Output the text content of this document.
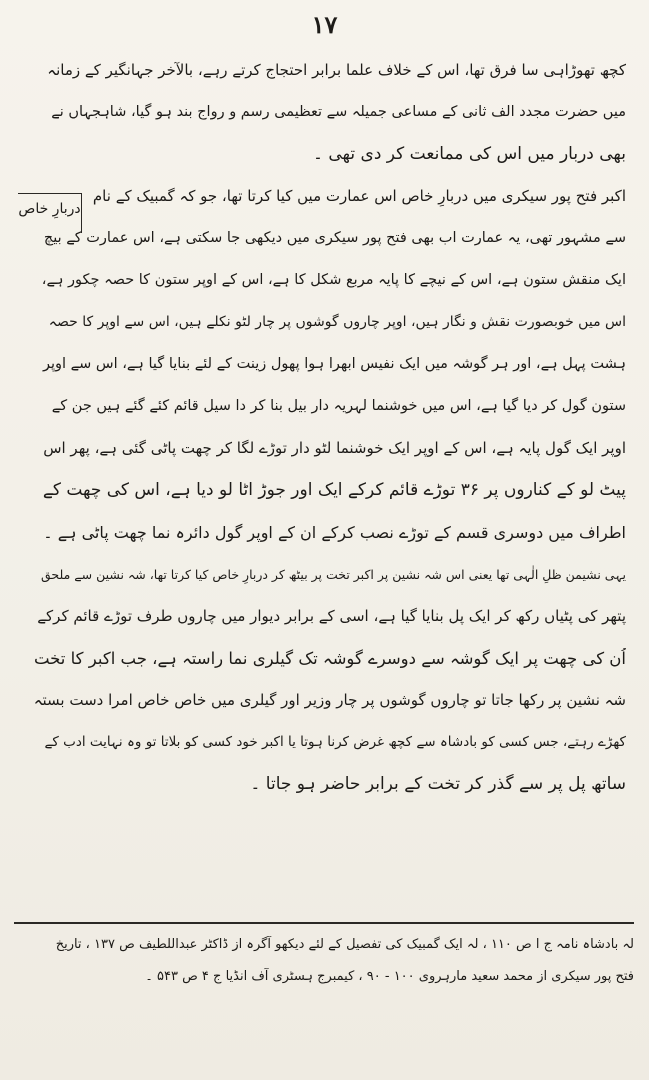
۱۷
دربارِ خاص
کچھ تھوڑاہی سا فرق تھا، اس کے خلاف علما برابر احتجاج کرتے رہے، بالآخر جہانگیر کے زمانہ
میں حضرت مجدد الف ثانی کے مساعی جمیلہ سے تعظیمی رسم و رواج بند ہو گیا، شاہجہاں نے
بھی دربار میں اس کی ممانعت کر دی تھی ۔
اکبر فتح پور سیکری میں دربارِ خاص اس عمارت میں کیا کرتا تھا، جو کہ گمبیک کے نام
سے مشہور تھی، یہ عمارت اب بھی فتح پور سیکری میں دیکھی جا سکتی ہے، اس عمارت کے بیچ
ایک منقش ستون ہے، اس کے نیچے کا پایہ مربع شکل کا ہے، اس کے اوپر ستون کا حصہ چکور ہے،
اس میں خوبصورت نقش و نگار ہیں، اوپر چاروں گوشوں پر چار لٹو نکلے ہیں، اس سے اوپر کا حصہ
ہشت پہل ہے، اور ہر گوشہ میں ایک نفیس ابھرا ہوا پھول زینت کے لئے بنایا گیا ہے، اس سے اوپر
ستون گول کر دیا گیا ہے، اس میں خوشنما لہریہ دار بیل بنا کر دا سیل قائم کئے گئے ہیں جن کے
اوپر ایک گول پایہ ہے، اس کے اوپر ایک خوشنما لٹو دار توڑے لگا کر چھت پاٹی گئی ہے، پھر اس
پیٹ لو کے کناروں پر ۳۶ توڑے قائم کرکے ایک اور جوڑ اٹا لو دیا ہے، اس کی چھت کے
اطراف میں دوسری قسم کے توڑے نصب کرکے ان کے اوپر گول دائرہ نما چھت پاٹی ہے ۔
یہی نشیمن ظلِ الٰہی تھا یعنی اس شہ نشین پر اکبر تخت پر بیٹھ کر دربارِ خاص کیا کرتا تھا، شہ نشین سے ملحق
پتھر کی پٹیاں رکھ کر ایک پل بنایا گیا ہے، اسی کے برابر دیوار میں چاروں طرف توڑے قائم کرکے
اُن کی چھت پر ایک گوشہ سے دوسرے گوشہ تک گیلری نما راستہ ہے، جب اکبر کا تخت
شہ نشین پر رکھا جاتا تو چاروں گوشوں پر چار وزیر اور گیلری میں خاص خاص امرا دست بستہ
کھڑے رہتے، جس کسی کو بادشاہ سے کچھ غرض کرنا ہوتا یا اکبر خود کسی کو بلاتا تو وہ نہایت ادب کے
ساتھ پل پر سے گذر کر تخت کے برابر حاضر ہو جاتا ۔
لہ بادشاہ نامہ ج ا ص ۱۱۰ ، لہ ایک گمبیک کی تفصیل کے لئے دیکھو آگرہ از ڈاکٹر عبداللطیف ص ۱۳۷ ، تاریخ
فتح پور سیکری از محمد سعید مارہروی ۱۰۰ - ۹۰ ، کیمبرج ہسٹری آف انڈیا ج ۴ ص ۵۴۳ ۔
